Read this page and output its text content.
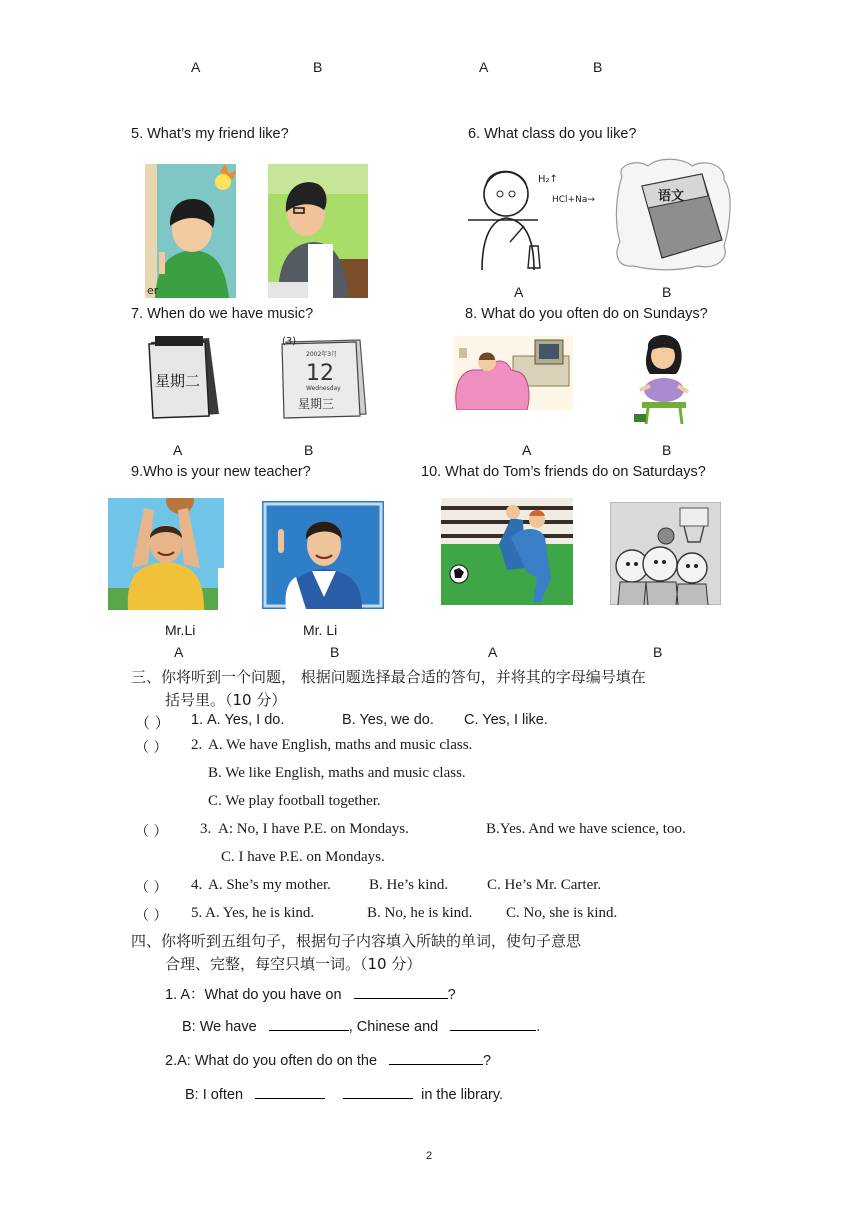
A	B	A	B
5. What’s my friend like?
er
6. What class do you like?
H₂↑
HCl+Na→	语文
A	B
7. When do we have music?
星期二
(3)
2002年3月
12
Wednesday
星期三
A	B
8. What do you often do on Sundays?
A	B
9.Who is your new teacher?
Mr.Li	Mr. Li
A	B
10. What do Tom’s friends do on Saturdays?
A	B
三、你将听到一个问题， 根据问题选择最合适的答句，并将其的字母编号填在
括号里。（10 分）
（ ） 1. A. Yes, I do.	B. Yes, we do. C. Yes, I like.
（ ） 2. A. We have English, maths and music class.
B. We like English, maths and music class.
C. We play football together.
（ ） 3. A: No, I have P.E. on Mondays.	B.Yes. And we have science, too.
C. I have P.E. on Mondays.
（ ） 4. A. She’s my mother.	B. He’s kind.	C. He’s Mr. Carter.
（ ） 5. A. Yes, he is kind.	B. No, he is kind. C. No, she is kind.
四、你将听到五组句子，根据句子内容填入所缺的单词，使句子意思
合理、完整，每空只填一词。（10 分）
1. A：What do you have on	?
B: We have	, Chinese and	.
2.A: What do you often do on the	?
B: I often	in the library.
2
